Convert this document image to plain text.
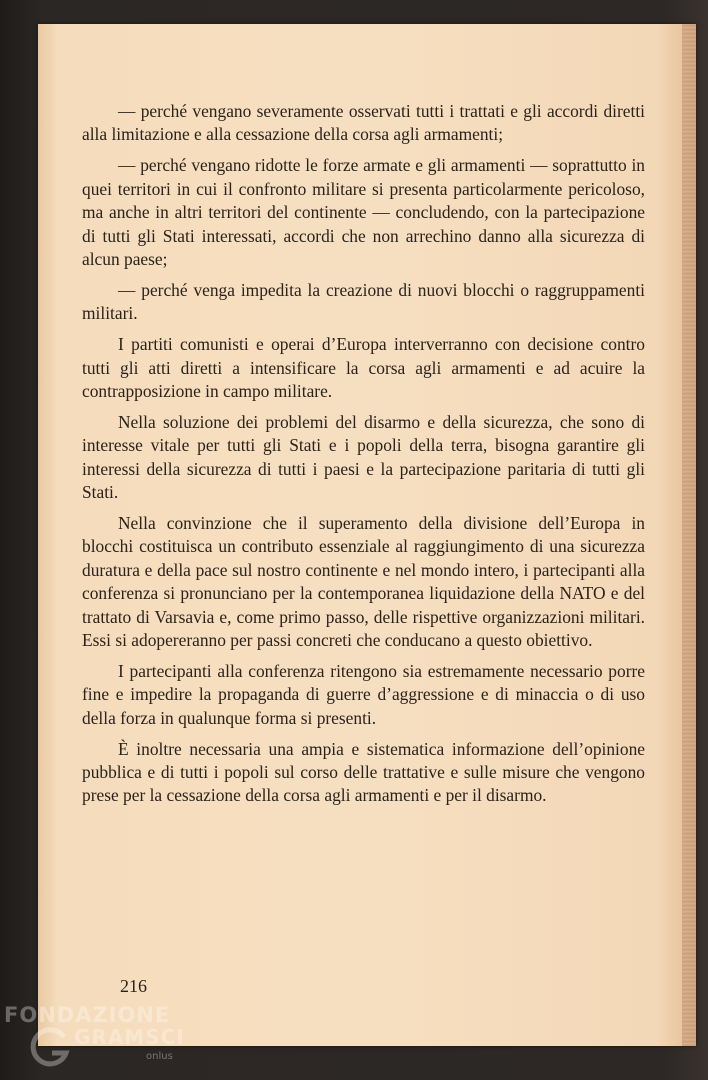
— perché vengano severamente osservati tutti i trattati e gli accordi diretti alla limitazione e alla cessazione della corsa agli armamenti;

— perché vengano ridotte le forze armate e gli armamenti — soprattutto in quei territori in cui il confronto militare si presenta particolarmente pericoloso, ma anche in altri territori del continente — concludendo, con la partecipazione di tutti gli Stati interessati, accordi che non arrechino danno alla sicurezza di alcun paese;

— perché venga impedita la creazione di nuovi blocchi o raggruppamenti militari.

I partiti comunisti e operai d’Europa interverranno con decisione contro tutti gli atti diretti a intensificare la corsa agli armamenti e ad acuire la contrapposizione in campo militare.

Nella soluzione dei problemi del disarmo e della sicurezza, che sono di interesse vitale per tutti gli Stati e i popoli della terra, bisogna garantire gli interessi della sicurezza di tutti i paesi e la partecipazione paritaria di tutti gli Stati.

Nella convinzione che il superamento della divisione dell’Europa in blocchi costituisca un contributo essenziale al raggiungimento di una sicurezza duratura e della pace sul nostro continente e nel mondo intero, i partecipanti alla conferenza si pronunciano per la contemporanea liquidazione della NATO e del trattato di Varsavia e, come primo passo, delle rispettive organizzazioni militari. Essi si adopereranno per passi concreti che conducano a questo obiettivo.

I partecipanti alla conferenza ritengono sia estremamente necessario porre fine e impedire la propaganda di guerre d’aggressione e di minaccia o di uso della forza in qualunque forma si presenti.

È inoltre necessaria una ampia e sistematica informazione dell’opinione pubblica e di tutti i popoli sul corso delle trattative e sulle misure che vengono prese per la cessazione della corsa agli armamenti e per il disarmo.

216
FONDAZIONE
GRAMSCI
onlus
